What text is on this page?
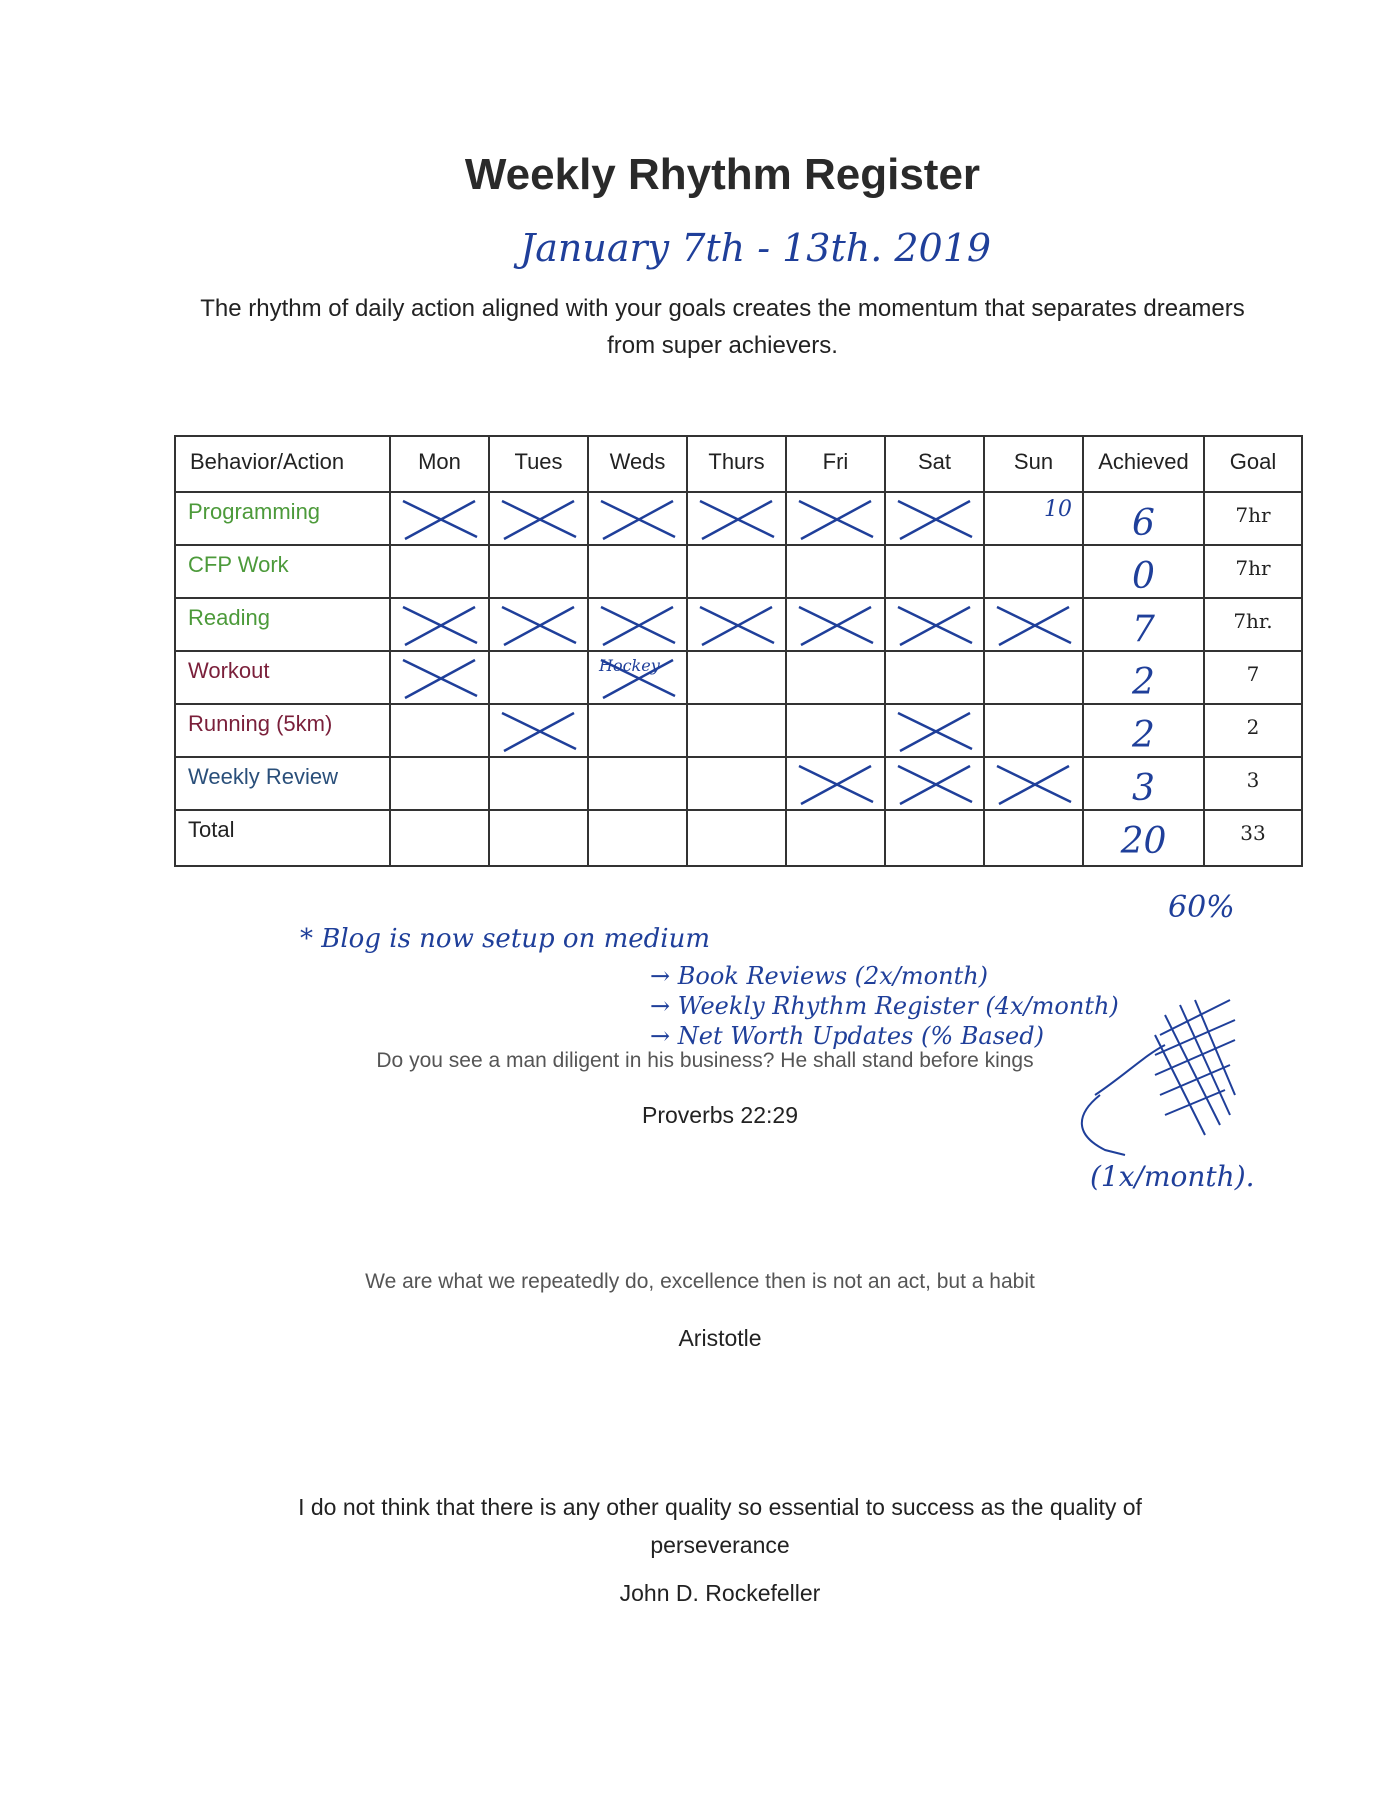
Weekly Rhythm Register
January 7th - 13th. 2019
The rhythm of daily action aligned with your goals creates the momentum that separates dreamers from super achievers.
Behavior/Action	Mon	Tues	Weds	Thurs	Fri	Sat	Sun	Achieved	Goal
Programming							10	6	7hr
CFP Work								0	7hr
Reading								7	7hr.
Workout			Hockey					2	7
Running (5km)								2	2
Weekly Review								3	3
Total								20	33
60%
* Blog is now setup on medium
→ Book Reviews (2x/month)
→ Weekly Rhythm Register (4x/month)
→ Net Worth Updates (% Based)
(1x/month).
Do you see a man diligent in his business? He shall stand before kings
Proverbs 22:29
We are what we repeatedly do, excellence then is not an act, but a habit
Aristotle
I do not think that there is any other quality so essential to success as the quality of perseverance
John D. Rockefeller
